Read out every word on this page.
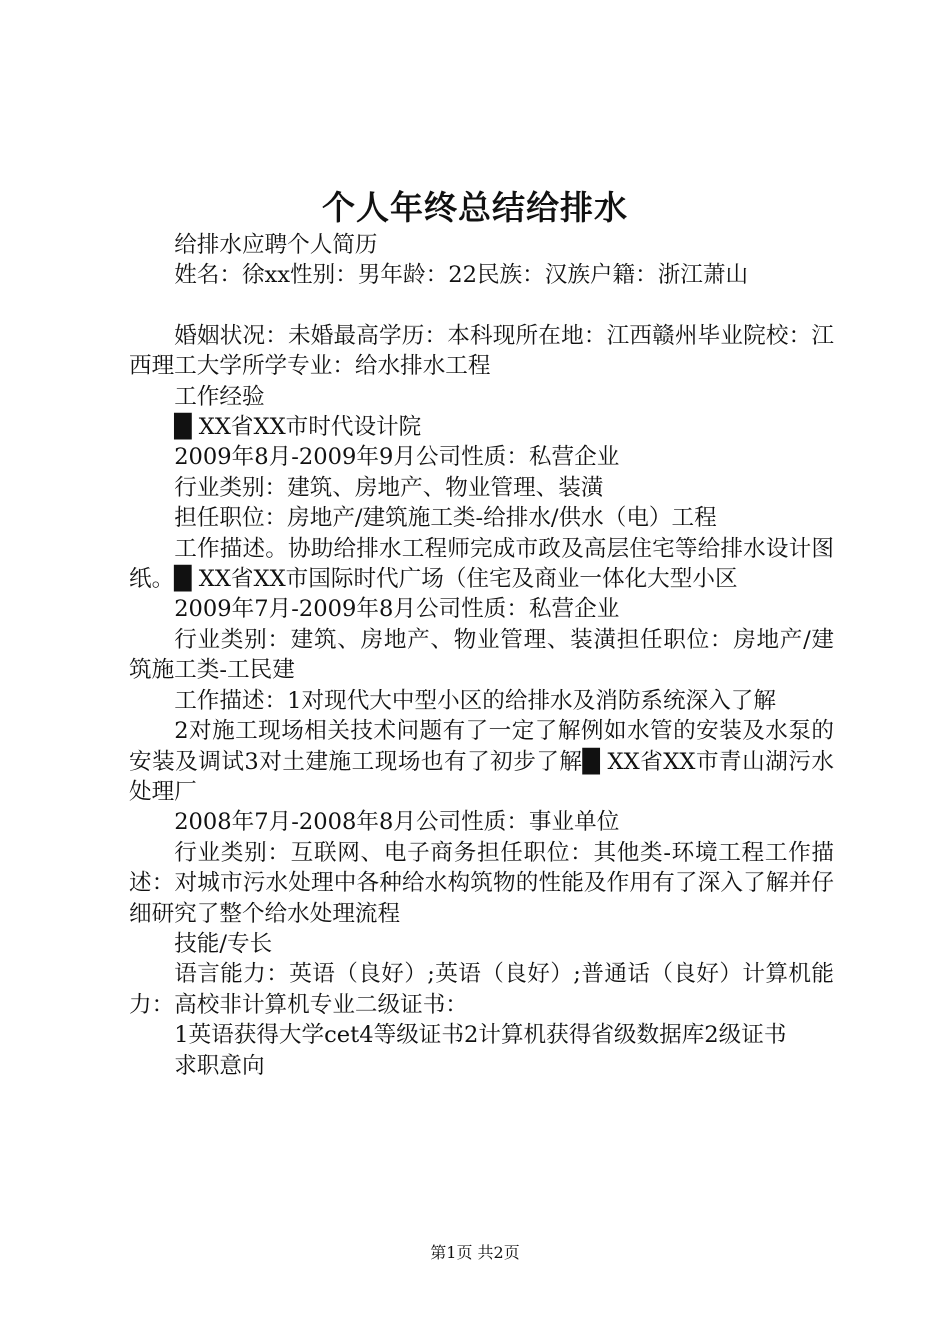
个人年终总结给排水

给排水应聘个人简历

姓名：徐xx性别：男年龄：22民族：汉族户籍：浙江萧山

婚姻状况：未婚最高学历：本科现所在地：江西赣州毕业院校：江西理工大学所学专业：给水排水工程

工作经验

█ XX省XX市时代设计院

2009年8月-2009年9月公司性质：私营企业

行业类别：建筑、房地产、物业管理、装潢

担任职位：房地产/建筑施工类-给排水/供水（电）工程

工作描述。协助给排水工程师完成市政及高层住宅等给排水设计图纸。█ XX省XX市国际时代广场（住宅及商业一体化大型小区

2009年7月-2009年8月公司性质：私营企业

行业类别：建筑、房地产、物业管理、装潢担任职位：房地产/建筑施工类-工民建

工作描述：1对现代大中型小区的给排水及消防系统深入了解

2对施工现场相关技术问题有了一定了解例如水管的安装及水泵的安装及调试3对土建施工现场也有了初步了解█ XX省XX市青山湖污水处理厂

2008年7月-2008年8月公司性质：事业单位

行业类别：互联网、电子商务担任职位：其他类-环境工程工作描述：对城市污水处理中各种给水构筑物的性能及作用有了深入了解并仔细研究了整个给水处理流程

技能/专长

语言能力：英语（良好）;英语（良好）;普通话（良好）计算机能力：高校非计算机专业二级证书：

1英语获得大学cet4等级证书2计算机获得省级数据库2级证书

求职意向

第1页 共2页
